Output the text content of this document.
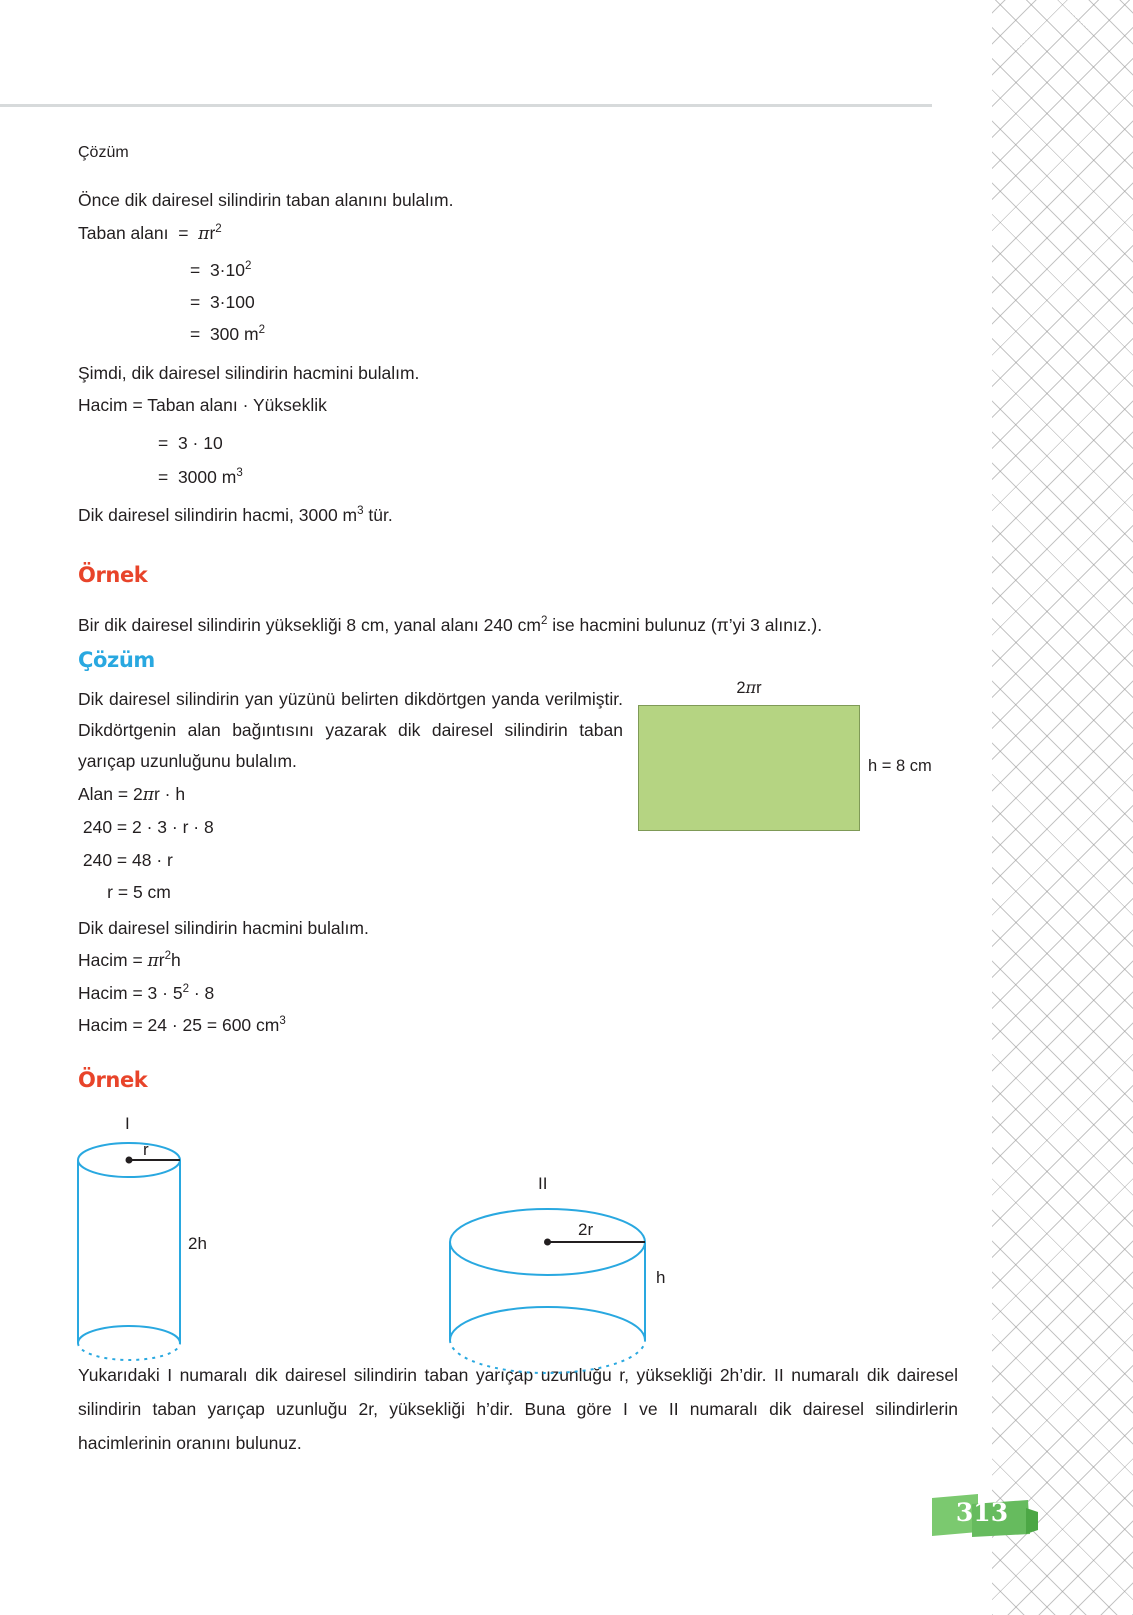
Çözüm
Önce dik dairesel silindirin taban alanını bulalım.
Taban alanı  =  $\pi r^2$
=  $3\cdot 10^2$
=  3·100
=  300 $m^2$
Şimdi, dik dairesel silindirin hacmini bulalım.
Hacim = Taban alanı · Yükseklik
=  3 · 10
=  3000 $m^3$
Dik dairesel silindirin hacmi, 3000 $m^3$ tür.
Örnek
Bir dik dairesel silindirin yüksekliği 8 cm, yanal alanı 240 $cm^2$ ise hacmini bulunuz (π’yi 3 alınız.).
Çözüm
Dik dairesel silindirin yan yüzünü belirten dikdörtgen yanda verilmiştir. Dikdörtgenin alan bağıntısını yazarak dik dairesel silindirin taban yarıçap uzunluğunu bulalım.
Alan = 2πr · h
240 = 2 · 3 · r · 8
240 = 48 · r
r = 5 cm
Dik dairesel silindirin hacmini bulalım.
Hacim = $\pi r^2h$
Hacim = $3 \cdot 5^2 \cdot 8$
Hacim = 24 · 25 = 600 $cm^3$
Örnek
Yukarıdaki I numaralı dik dairesel silindirin taban yarıçap uzunluğu r, yüksekliği 2h’dir. II numaralı dik dairesel silindirin taban yarıçap uzunluğu 2r, yüksekliği h’dir. Buna göre I ve II numaralı dik dairesel silindirlerin hacimlerinin oranını bulunuz.
2πr
h = 8 cm
I
r
2h
II
2r
h
313
